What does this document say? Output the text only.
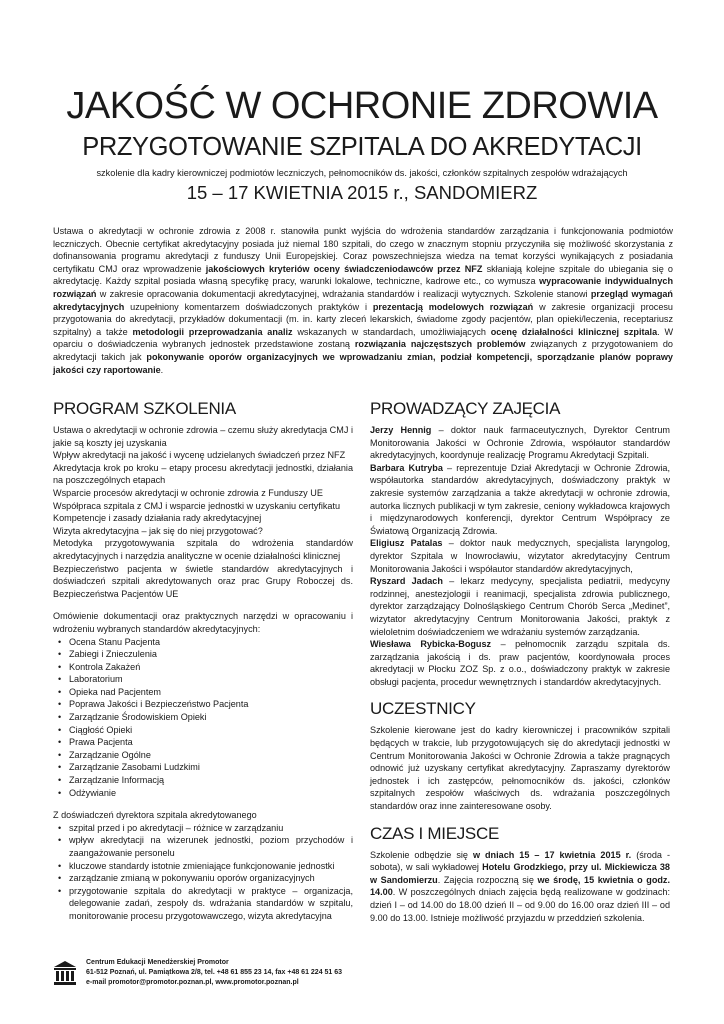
JAKOŚĆ W OCHRONIE ZDROWIA
PRZYGOTOWANIE SZPITALA DO AKREDYTACJI
szkolenie dla kadry kierowniczej podmiotów leczniczych, pełnomocników ds. jakości, członków szpitalnych zespołów wdrażających
15 – 17 KWIETNIA 2015 r., SANDOMIERZ

Ustawa o akredytacji w ochronie zdrowia z 2008 r. stanowiła punkt wyjścia do wdrożenia standardów zarządzania i funkcjonowania podmiotów leczniczych. Obecnie certyfikat akredytacyjny posiada już niemal 180 szpitali, do czego w znacznym stopniu przyczyniła się możliwość skorzystania z dofinansowania programu akredytacji z funduszy Unii Europejskiej. Coraz powszechniejsza wiedza na temat korzyści wynikających z posiadania certyfikatu CMJ oraz wprowadzenie jakościowych kryteriów oceny świadczeniodawców przez NFZ skłaniają kolejne szpitale do ubiegania się o akredytację. Każdy szpital posiada własną specyfikę pracy, warunki lokalowe, techniczne, kadrowe etc., co wymusza wypracowanie indywidualnych rozwiązań w zakresie opracowania dokumentacji akredytacyjnej, wdrażania standardów i realizacji wytycznych. Szkolenie stanowi przegląd wymagań akredytacyjnych uzupełniony komentarzem doświadczonych praktyków i prezentacją modelowych rozwiązań w zakresie organizacji procesu przygotowania do akredytacji, przykładów dokumentacji (m. in. karty zleceń lekarskich, świadome zgody pacjentów, plan opieki/leczenia, receptariusz szpitalny) a także metodologii przeprowadzania analiz wskazanych w standardach, umożliwiających ocenę działalności klinicznej szpitala. W oparciu o doświadczenia wybranych jednostek przedstawione zostaną rozwiązania najczęstszych problemów związanych z przygotowaniem do akredytacji takich jak pokonywanie oporów organizacyjnych we wprowadzaniu zmian, podział kompetencji, sporządzanie planów poprawy jakości czy raportowanie.

PROGRAM SZKOLENIA

Ustawa o akredytacji w ochronie zdrowia – czemu służy akredytacja CMJ i jakie są koszty jej uzyskania

Wpływ akredytacji na jakość i wycenę udzielanych świadczeń przez NFZ

Akredytacja krok po kroku – etapy procesu akredytacji jednostki, działania na poszczególnych etapach

Wsparcie procesów akredytacji w ochronie zdrowia z Funduszy UE

Współpraca szpitala z CMJ i wsparcie jednostki w uzyskaniu certyfikatu

Kompetencje i zasady działania rady akredytacyjnej

Wizyta akredytacyjna – jak się do niej przygotować?

Metodyka przygotowywania szpitala do wdrożenia standardów akredytacyjnych i narzędzia analityczne w ocenie działalności klinicznej

Bezpieczeństwo pacjenta w świetle standardów akredytacyjnych i doświadczeń szpitali akredytowanych oraz prac Grupy Roboczej ds. Bezpieczeństwa Pacjentów UE

Omówienie dokumentacji oraz praktycznych narzędzi w opracowaniu i wdrożeniu wybranych standardów akredytacyjnych:

• Ocena Stanu Pacjenta
• Zabiegi i Znieczulenia
• Kontrola Zakażeń
• Laboratorium
• Opieka nad Pacjentem
• Poprawa Jakości i Bezpieczeństwo Pacjenta
• Zarządzanie Środowiskiem Opieki
• Ciągłość Opieki
• Prawa Pacjenta
• Zarządzanie Ogólne
• Zarządzanie Zasobami Ludzkimi
• Zarządzanie Informacją
• Odżywianie

Z doświadczeń dyrektora szpitala akredytowanego

• szpital przed i po akredytacji – różnice w zarządzaniu
• wpływ akredytacji na wizerunek jednostki, poziom przychodów i zaangażowanie personelu
• kluczowe standardy istotnie zmieniające funkcjonowanie jednostki
• zarządzanie zmianą w pokonywaniu oporów organizacyjnych
• przygotowanie szpitala do akredytacji w praktyce – organizacja, delegowanie zadań, zespoły ds. wdrażania standardów w szpitalu, monitorowanie procesu przygotowawczego, wizyta akredytacyjna
PROWADZĄCY ZAJĘCIA

Jerzy Hennig – doktor nauk farmaceutycznych, Dyrektor Centrum Monitorowania Jakości w Ochronie Zdrowia, współautor standardów akredytacyjnych, koordynuje realizację Programu Akredytacji Szpitali.

Barbara Kutryba – reprezentuje Dział Akredytacji w Ochronie Zdrowia, współautorka standardów akredytacyjnych, doświadczony praktyk w zakresie systemów zarządzania a także akredytacji w ochronie zdrowia, autorka licznych publikacji w tym zakresie, ceniony wykładowca krajowych i międzynarodowych konferencji, dyrektor Centrum Współpracy ze Światową Organizacją Zdrowia.

Eligiusz Patalas – doktor nauk medycznych, specjalista laryngolog, dyrektor Szpitala w Inowrocławiu, wizytator akredytacyjny Centrum Monitorowania Jakości i współautor standardów akredytacyjnych,

Ryszard Jadach – lekarz medycyny, specjalista pediatrii, medycyny rodzinnej, anestezjologii i reanimacji, specjalista zdrowia publicznego, dyrektor zarządzający Dolnośląskiego Centrum Chorób Serca „Medinet”, wizytator akredytacyjny Centrum Monitorowania Jakości, praktyk z wieloletnim doświadczeniem we wdrażaniu systemów zarządzania.

Wiesława Rybicka-Bogusz – pełnomocnik zarządu szpitala ds. zarządzania jakością i ds. praw pacjentów, koordynowała proces akredytacji w Płocku ZOZ Sp. z o.o., doświadczony praktyk w zakresie obsługi pacjenta, procedur wewnętrznych i standardów akredytacyjnych.

UCZESTNICY

Szkolenie kierowane jest do kadry kierowniczej i pracowników szpitali będących w trakcie, lub przygotowujących się do akredytacji jednostki w Centrum Monitorowania Jakości w Ochronie Zdrowia a także pragnących odnowić już uzyskany certyfikat akredytacyjny. Zapraszamy dyrektorów jednostek i ich zastępców, pełnomocników ds. jakości, członków szpitalnych zespołów właściwych ds. wdrażania poszczególnych standardów oraz inne zainteresowane osoby.

CZAS I MIEJSCE

Szkolenie odbędzie się w dniach 15 – 17 kwietnia 2015 r. (środa - sobota), w sali wykładowej Hotelu Grodzkiego, przy ul. Mickiewicza 38 w Sandomierzu. Zajęcia rozpoczną się we środę, 15 kwietnia o godz. 14.00. W poszczególnych dniach zajęcia będą realizowane w godzinach: dzień I – od 14.00 do 18.00 dzień II – od 9.00 do 16.00 oraz dzień III – od 9.00 do 13.00. Istnieje możliwość przyjazdu w przeddzień szkolenia.

Centrum Edukacji Menedżerskiej Promotor
61-512 Poznań, ul. Pamiątkowa 2/8, tel. +48 61 855 23 14, fax +48 61 224 51 63
e-mail promotor@promotor.poznan.pl, www.promotor.poznan.pl
